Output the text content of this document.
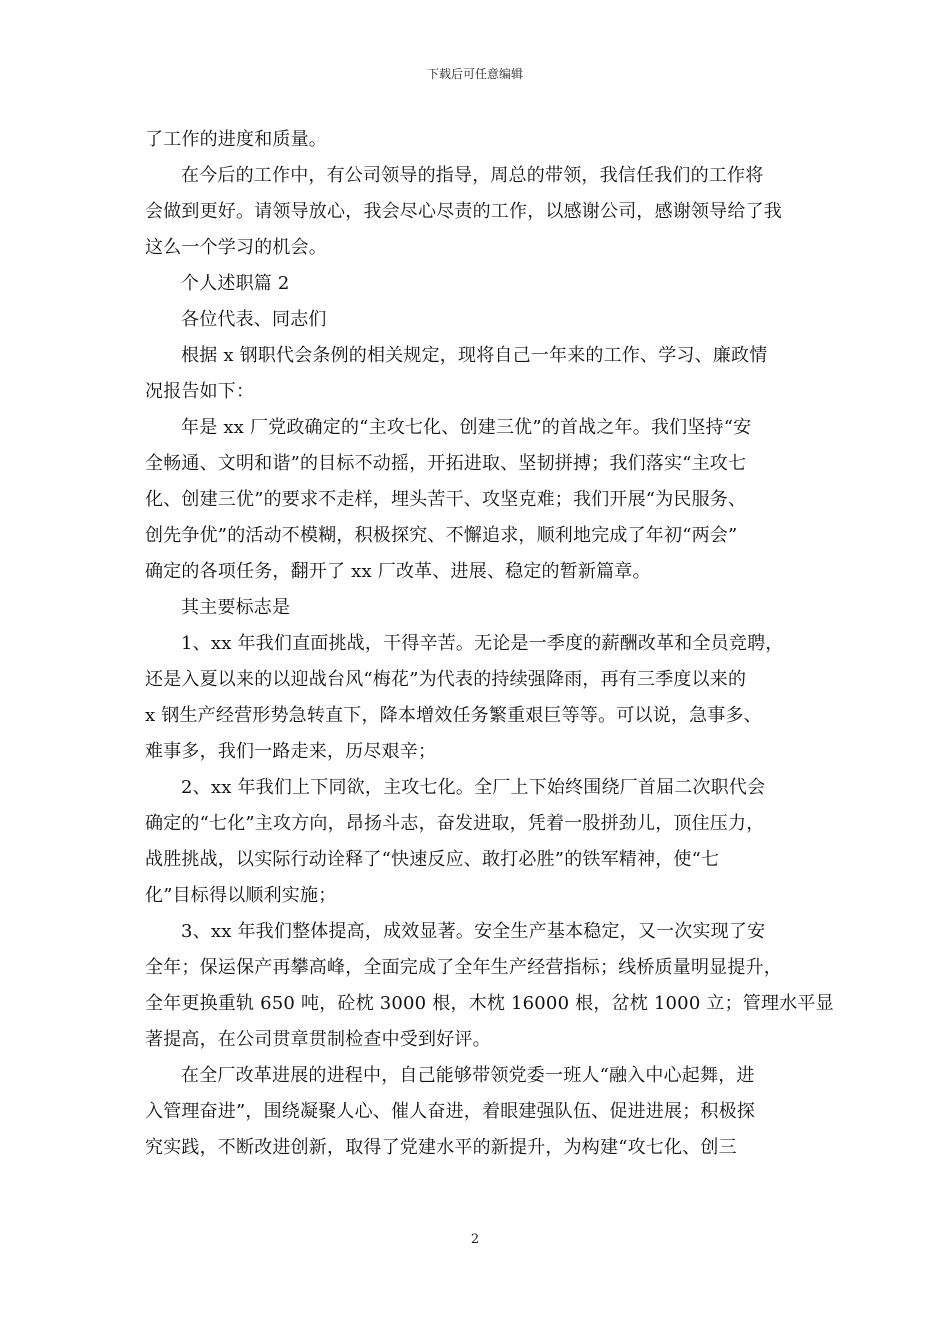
下载后可任意编辑
了工作的进度和质量。
在今后的工作中，有公司领导的指导，周总的带领，我信任我们的工作将
会做到更好。请领导放心，我会尽心尽责的工作，以感谢公司，感谢领导给了我
这么一个学习的机会。
个人述职篇 2
各位代表、同志们
根据 x 钢职代会条例的相关规定，现将自己一年来的工作、学习、廉政情
况报告如下：
年是 xx 厂党政确定的“主攻七化、创建三优”的首战之年。我们坚持“安
全畅通、文明和谐”的目标不动摇，开拓进取、坚韧拼搏；我们落实“主攻七
化、创建三优”的要求不走样，埋头苦干、攻坚克难；我们开展“为民服务、
创先争优”的活动不模糊，积极探究、不懈追求，顺利地完成了年初“两会”
确定的各项任务，翻开了 xx 厂改革、进展、稳定的暂新篇章。
其主要标志是
1、xx 年我们直面挑战，干得辛苦。无论是一季度的薪酬改革和全员竞聘，
还是入夏以来的以迎战台风“梅花”为代表的持续强降雨，再有三季度以来的
x 钢生产经营形势急转直下，降本增效任务繁重艰巨等等。可以说，急事多、
难事多，我们一路走来，历尽艰辛；
2、xx 年我们上下同欲，主攻七化。全厂上下始终围绕厂首届二次职代会
确定的“七化”主攻方向，昂扬斗志，奋发进取，凭着一股拼劲儿，顶住压力，
战胜挑战，以实际行动诠释了“快速反应、敢打必胜”的铁军精神，使“七
化”目标得以顺利实施；
3、xx 年我们整体提高，成效显著。安全生产基本稳定，又一次实现了安
全年；保运保产再攀高峰，全面完成了全年生产经营指标；线桥质量明显提升，
全年更换重轨 650 吨，砼枕 3000 根，木枕 16000 根，岔枕 1000 立；管理水平显
著提高，在公司贯章贯制检查中受到好评。
在全厂改革进展的进程中，自己能够带领党委一班人“融入中心起舞，进
入管理奋进”，围绕凝聚人心、催人奋进，着眼建强队伍、促进进展；积极探
究实践，不断改进创新，取得了党建水平的新提升，为构建“攻七化、创三
2
